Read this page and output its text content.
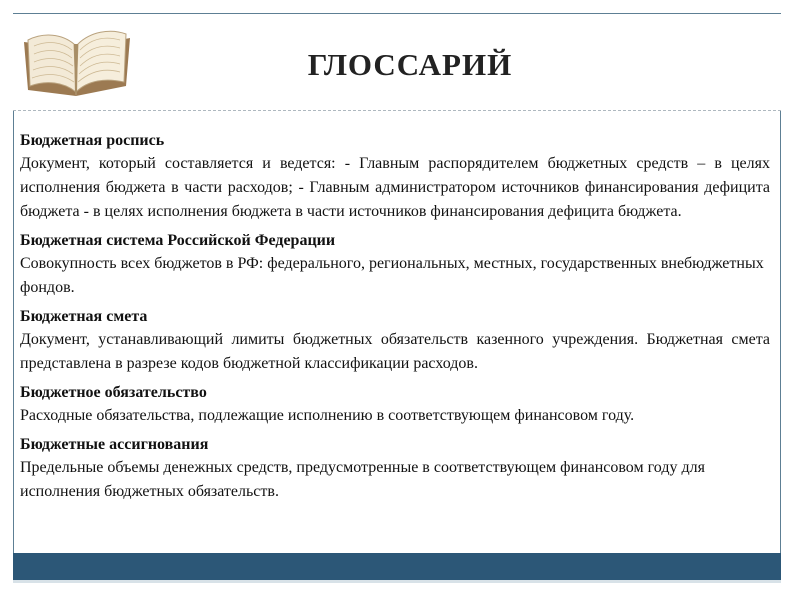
ГЛОССАРИЙ
Бюджетная роспись
Документ, который составляется и ведется: - Главным распорядителем бюджетных средств – в целях исполнения бюджета в части расходов; - Главным администратором источников финансирования дефицита бюджета - в целях исполнения бюджета в части источников финансирования дефицита бюджета.
Бюджетная система Российской Федерации
Совокупность всех бюджетов в РФ: федерального, региональных, местных, государственных внебюджетных фондов.
Бюджетная смета
Документ, устанавливающий лимиты бюджетных обязательств казенного учреждения. Бюджетная смета представлена в разрезе кодов бюджетной классификации расходов.
Бюджетное обязательство
Расходные обязательства, подлежащие исполнению в соответствующем финансовом году.
Бюджетные ассигнования
Предельные объемы денежных средств, предусмотренные в соответствующем финансовом году для исполнения бюджетных обязательств.
